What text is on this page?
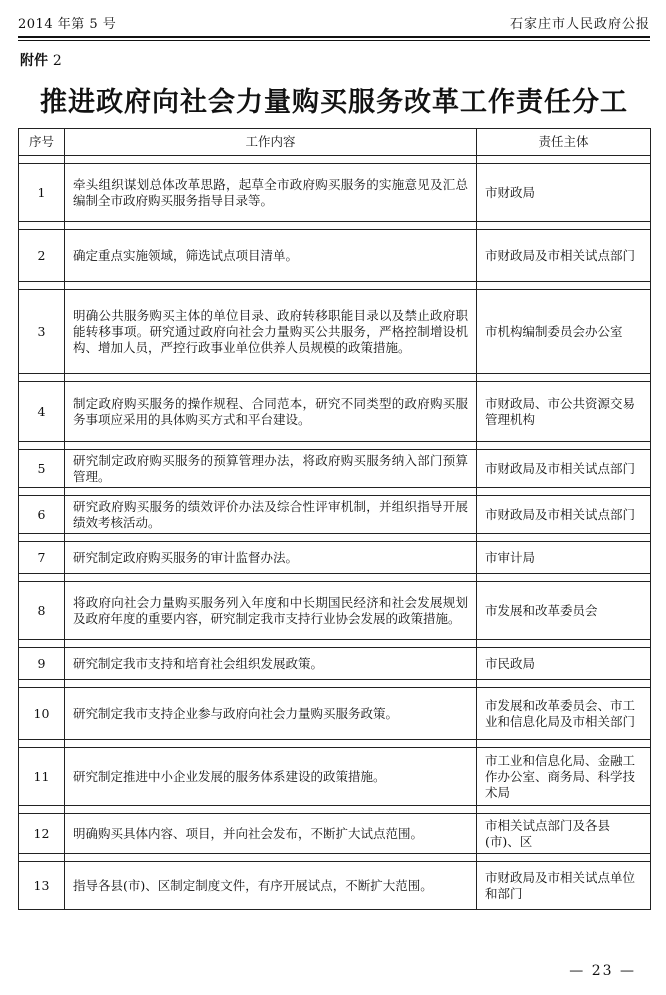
2014 年第 5 号	石家庄市人民政府公报
附件 2
推进政府向社会力量购买服务改革工作责任分工
序号	工作内容	责任主体

1	牵头组织谋划总体改革思路，起草全市政府购买服务的实施意见及汇总编制全市政府购买服务指导目录等。	市财政局

2	确定重点实施领域，筛选试点项目清单。	市财政局及市相关试点部门

3	明确公共服务购买主体的单位目录、政府转移职能目录以及禁止政府职能转移事项。研究通过政府向社会力量购买公共服务，严格控制增设机构、增加人员，严控行政事业单位供养人员规模的政策措施。	市机构编制委员会办公室

4	制定政府购买服务的操作规程、合同范本，研究不同类型的政府购买服务事项应采用的具体购买方式和平台建设。	市财政局、市公共资源交易管理机构

5	研究制定政府购买服务的预算管理办法，将政府购买服务纳入部门预算管理。	市财政局及市相关试点部门

6	研究政府购买服务的绩效评价办法及综合性评审机制，并组织指导开展绩效考核活动。	市财政局及市相关试点部门

7	研究制定政府购买服务的审计监督办法。	市审计局

8	将政府向社会力量购买服务列入年度和中长期国民经济和社会发展规划及政府年度的重要内容，研究制定我市支持行业协会发展的政策措施。	市发展和改革委员会

9	研究制定我市支持和培育社会组织发展政策。	市民政局

10	研究制定我市支持企业参与政府向社会力量购买服务政策。	市发展和改革委员会、市工业和信息化局及市相关部门

11	研究制定推进中小企业发展的服务体系建设的政策措施。	市工业和信息化局、金融工作办公室、商务局、科学技术局

12	明确购买具体内容、项目，并向社会发布，不断扩大试点范围。	市相关试点部门及各县(市)、区

13	指导各县(市)、区制定制度文件，有序开展试点，不断扩大范围。	市财政局及市相关试点单位和部门
— 23 —
